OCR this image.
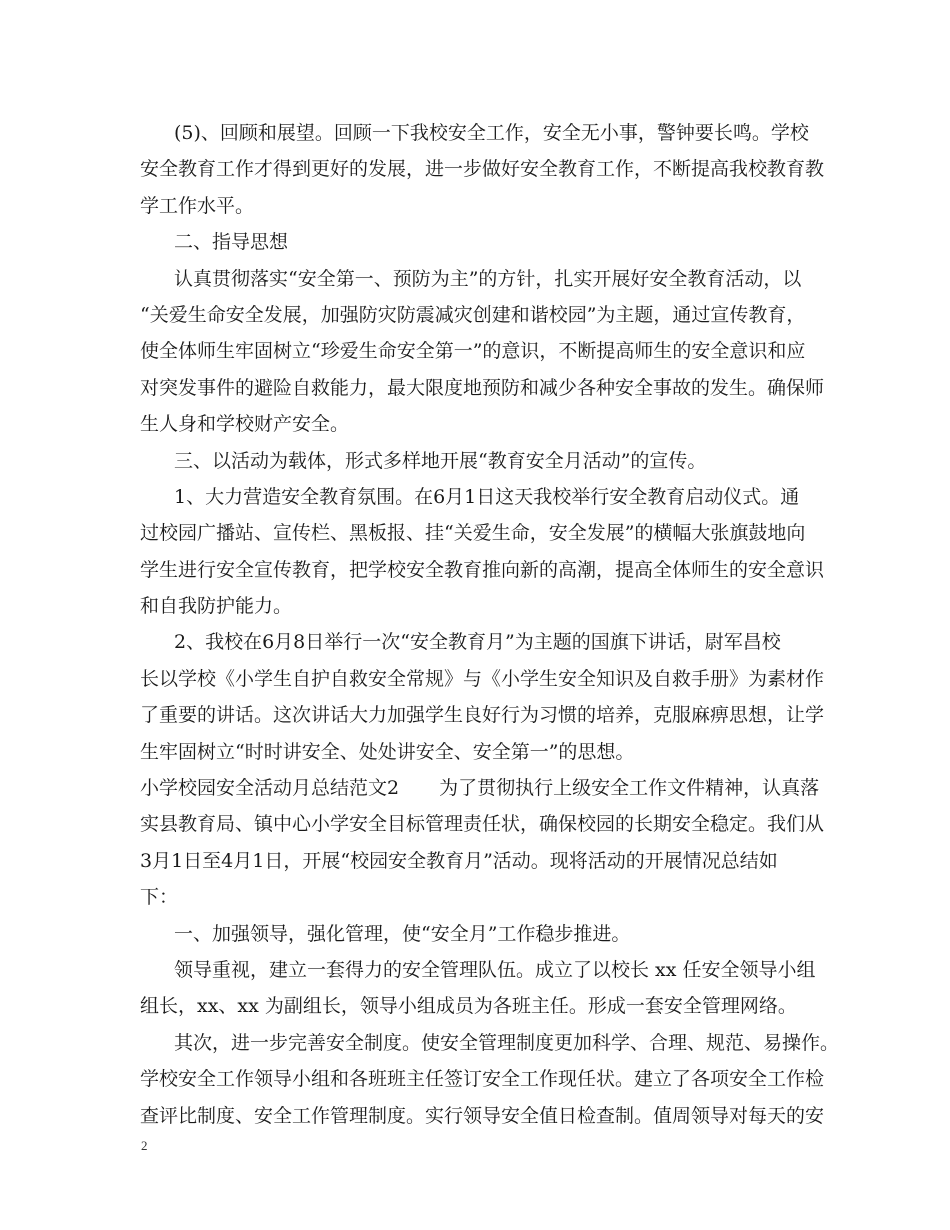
(5)、回顾和展望。回顾一下我校安全工作，安全无小事，警钟要长鸣。学校
安全教育工作才得到更好的发展，进一步做好安全教育工作，不断提高我校教育教
学工作水平。
二、指导思想
认真贯彻落实“安全第一、预防为主”的方针，扎实开展好安全教育活动，以
“关爱生命安全发展，加强防灾防震减灾创建和谐校园”为主题，通过宣传教育，
使全体师生牢固树立“珍爱生命安全第一”的意识，不断提高师生的安全意识和应
对突发事件的避险自救能力，最大限度地预防和减少各种安全事故的发生。确保师
生人身和学校财产安全。
三、以活动为载体，形式多样地开展“教育安全月活动”的宣传。
1、大力营造安全教育氛围。在6月1日这天我校举行安全教育启动仪式。通
过校园广播站、宣传栏、黑板报、挂“关爱生命，安全发展”的横幅大张旗鼓地向
学生进行安全宣传教育，把学校安全教育推向新的高潮，提高全体师生的安全意识
和自我防护能力。
2、我校在6月8日举行一次“安全教育月”为主题的国旗下讲话，尉军昌校
长以学校《小学生自护自救安全常规》与《小学生安全知识及自救手册》为素材作
了重要的讲话。这次讲话大力加强学生良好行为习惯的培养，克服麻痹思想，让学
生牢固树立“时时讲安全、处处讲安全、安全第一”的思想。
小学校园安全活动月总结范文2 为了贯彻执行上级安全工作文件精神，认真落
实县教育局、镇中心小学安全目标管理责任状，确保校园的长期安全稳定。我们从
3月1日至4月1日，开展“校园安全教育月”活动。现将活动的开展情况总结如
下：
一、加强领导，强化管理，使“安全月”工作稳步推进。
领导重视，建立一套得力的安全管理队伍。成立了以校长 xx 任安全领导小组
组长，xx、xx 为副组长，领导小组成员为各班主任。形成一套安全管理网络。
其次，进一步完善安全制度。使安全管理制度更加科学、合理、规范、易操作。
学校安全工作领导小组和各班班主任签订安全工作现任状。建立了各项安全工作检
查评比制度、安全工作管理制度。实行领导安全值日检查制。值周领导对每天的安
2
